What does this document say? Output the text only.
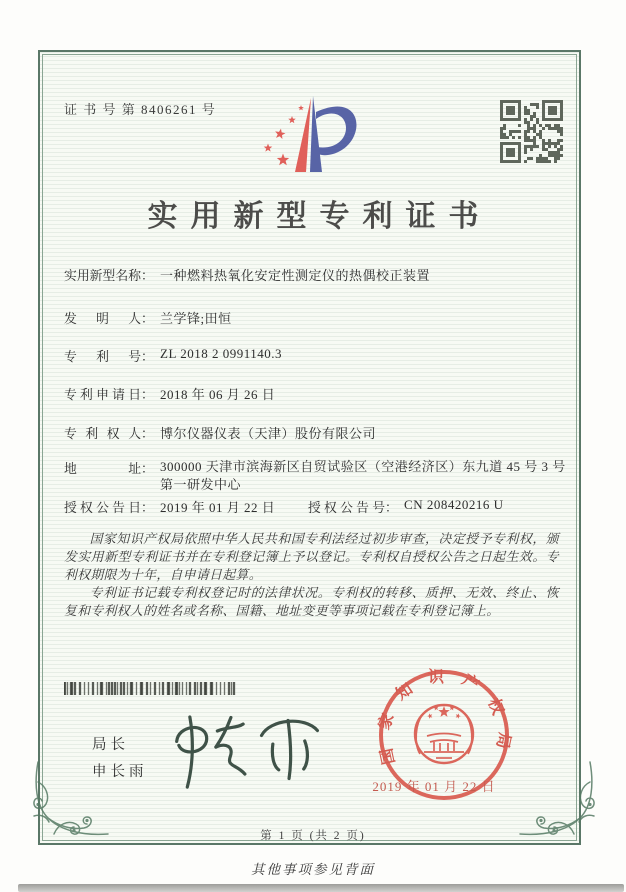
证 书 号 第 8406261 号
实用新型专利证书
实用新型名称： 一种燃料热氧化安定性测定仪的热偶校正装置
发明人： 兰学锋;田恒
专利号： ZL 2018 2 0991140.3
专利申请日： 2018 年 06 月 26 日
专利权人： 博尔仪器仪表（天津）股份有限公司
地址： 300000 天津市滨海新区自贸试验区（空港经济区）东九道 45 号 3 号第一研发中心
授权公告日： 2019 年 01 月 22 日	授权公告号： CN 208420216 U

国家知识产权局依照中华人民共和国专利法经过初步审查，决定授予专利权，颁发实用新型专利证书并在专利登记簿上予以登记。专利权自授权公告之日起生效。专利权期限为十年，自申请日起算。

专利证书记载专利权登记时的法律状况。专利权的转移、质押、无效、终止、恢复和专利权人的姓名或名称、国籍、地址变更等事项记载在专利登记簿上。

局长
申长雨
国家知识产权局
2019 年 01 月 22 日
第 1 页 (共 2 页)
其他事项参见背面
